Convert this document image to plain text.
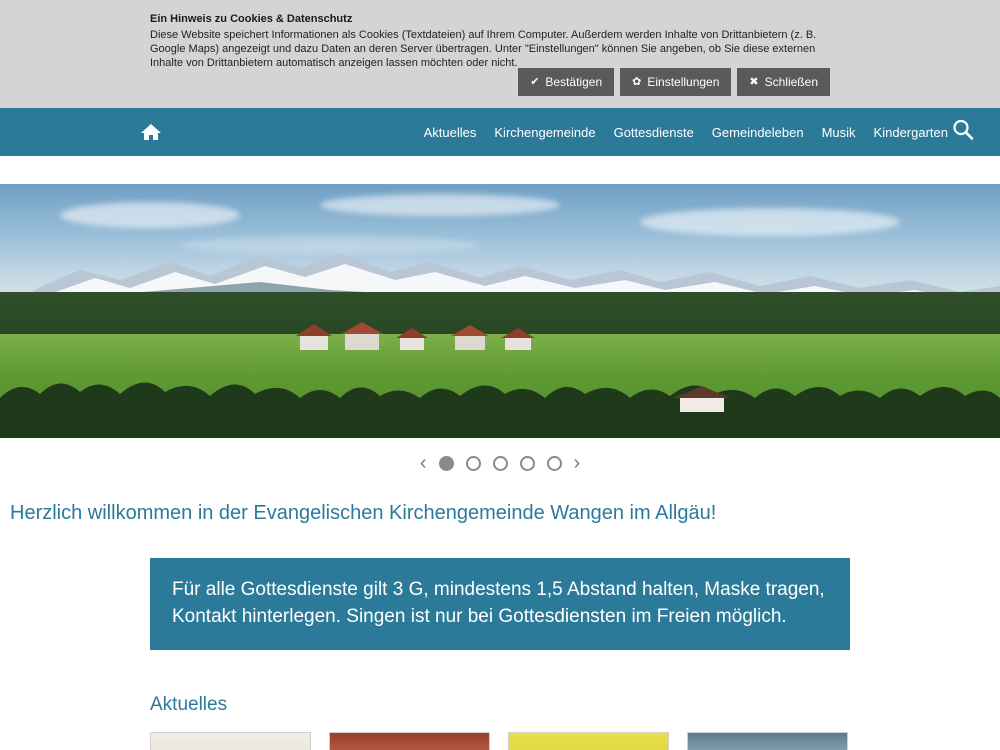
Ein Hinweis zu Cookies & Datenschutz

Diese Website speichert Informationen als Cookies (Textdateien) auf Ihrem Computer. Außerdem werden Inhalte von Drittanbietern (z. B. Google Maps) angezeigt und dazu Daten an deren Server übertragen. Unter "Einstellungen" können Sie angeben, ob Sie diese externen Inhalte von Drittanbietern automatisch anzeigen lassen möchten oder nicht.

✔ Bestätigen	✿ Einstellungen	✖ Schließen
Aktuelles Kirchengemeinde Gottesdienste Gemeindeleben Musik Kindergarten
‹	›
Herzlich willkommen in der Evangelischen Kirchengemeinde Wangen im Allgäu!
Für alle Gottesdienste gilt 3 G, mindestens 1,5 Abstand halten, Maske tragen, Kontakt hinterlegen. Singen ist nur bei Gottesdiensten im Freien möglich.
Aktuelles
